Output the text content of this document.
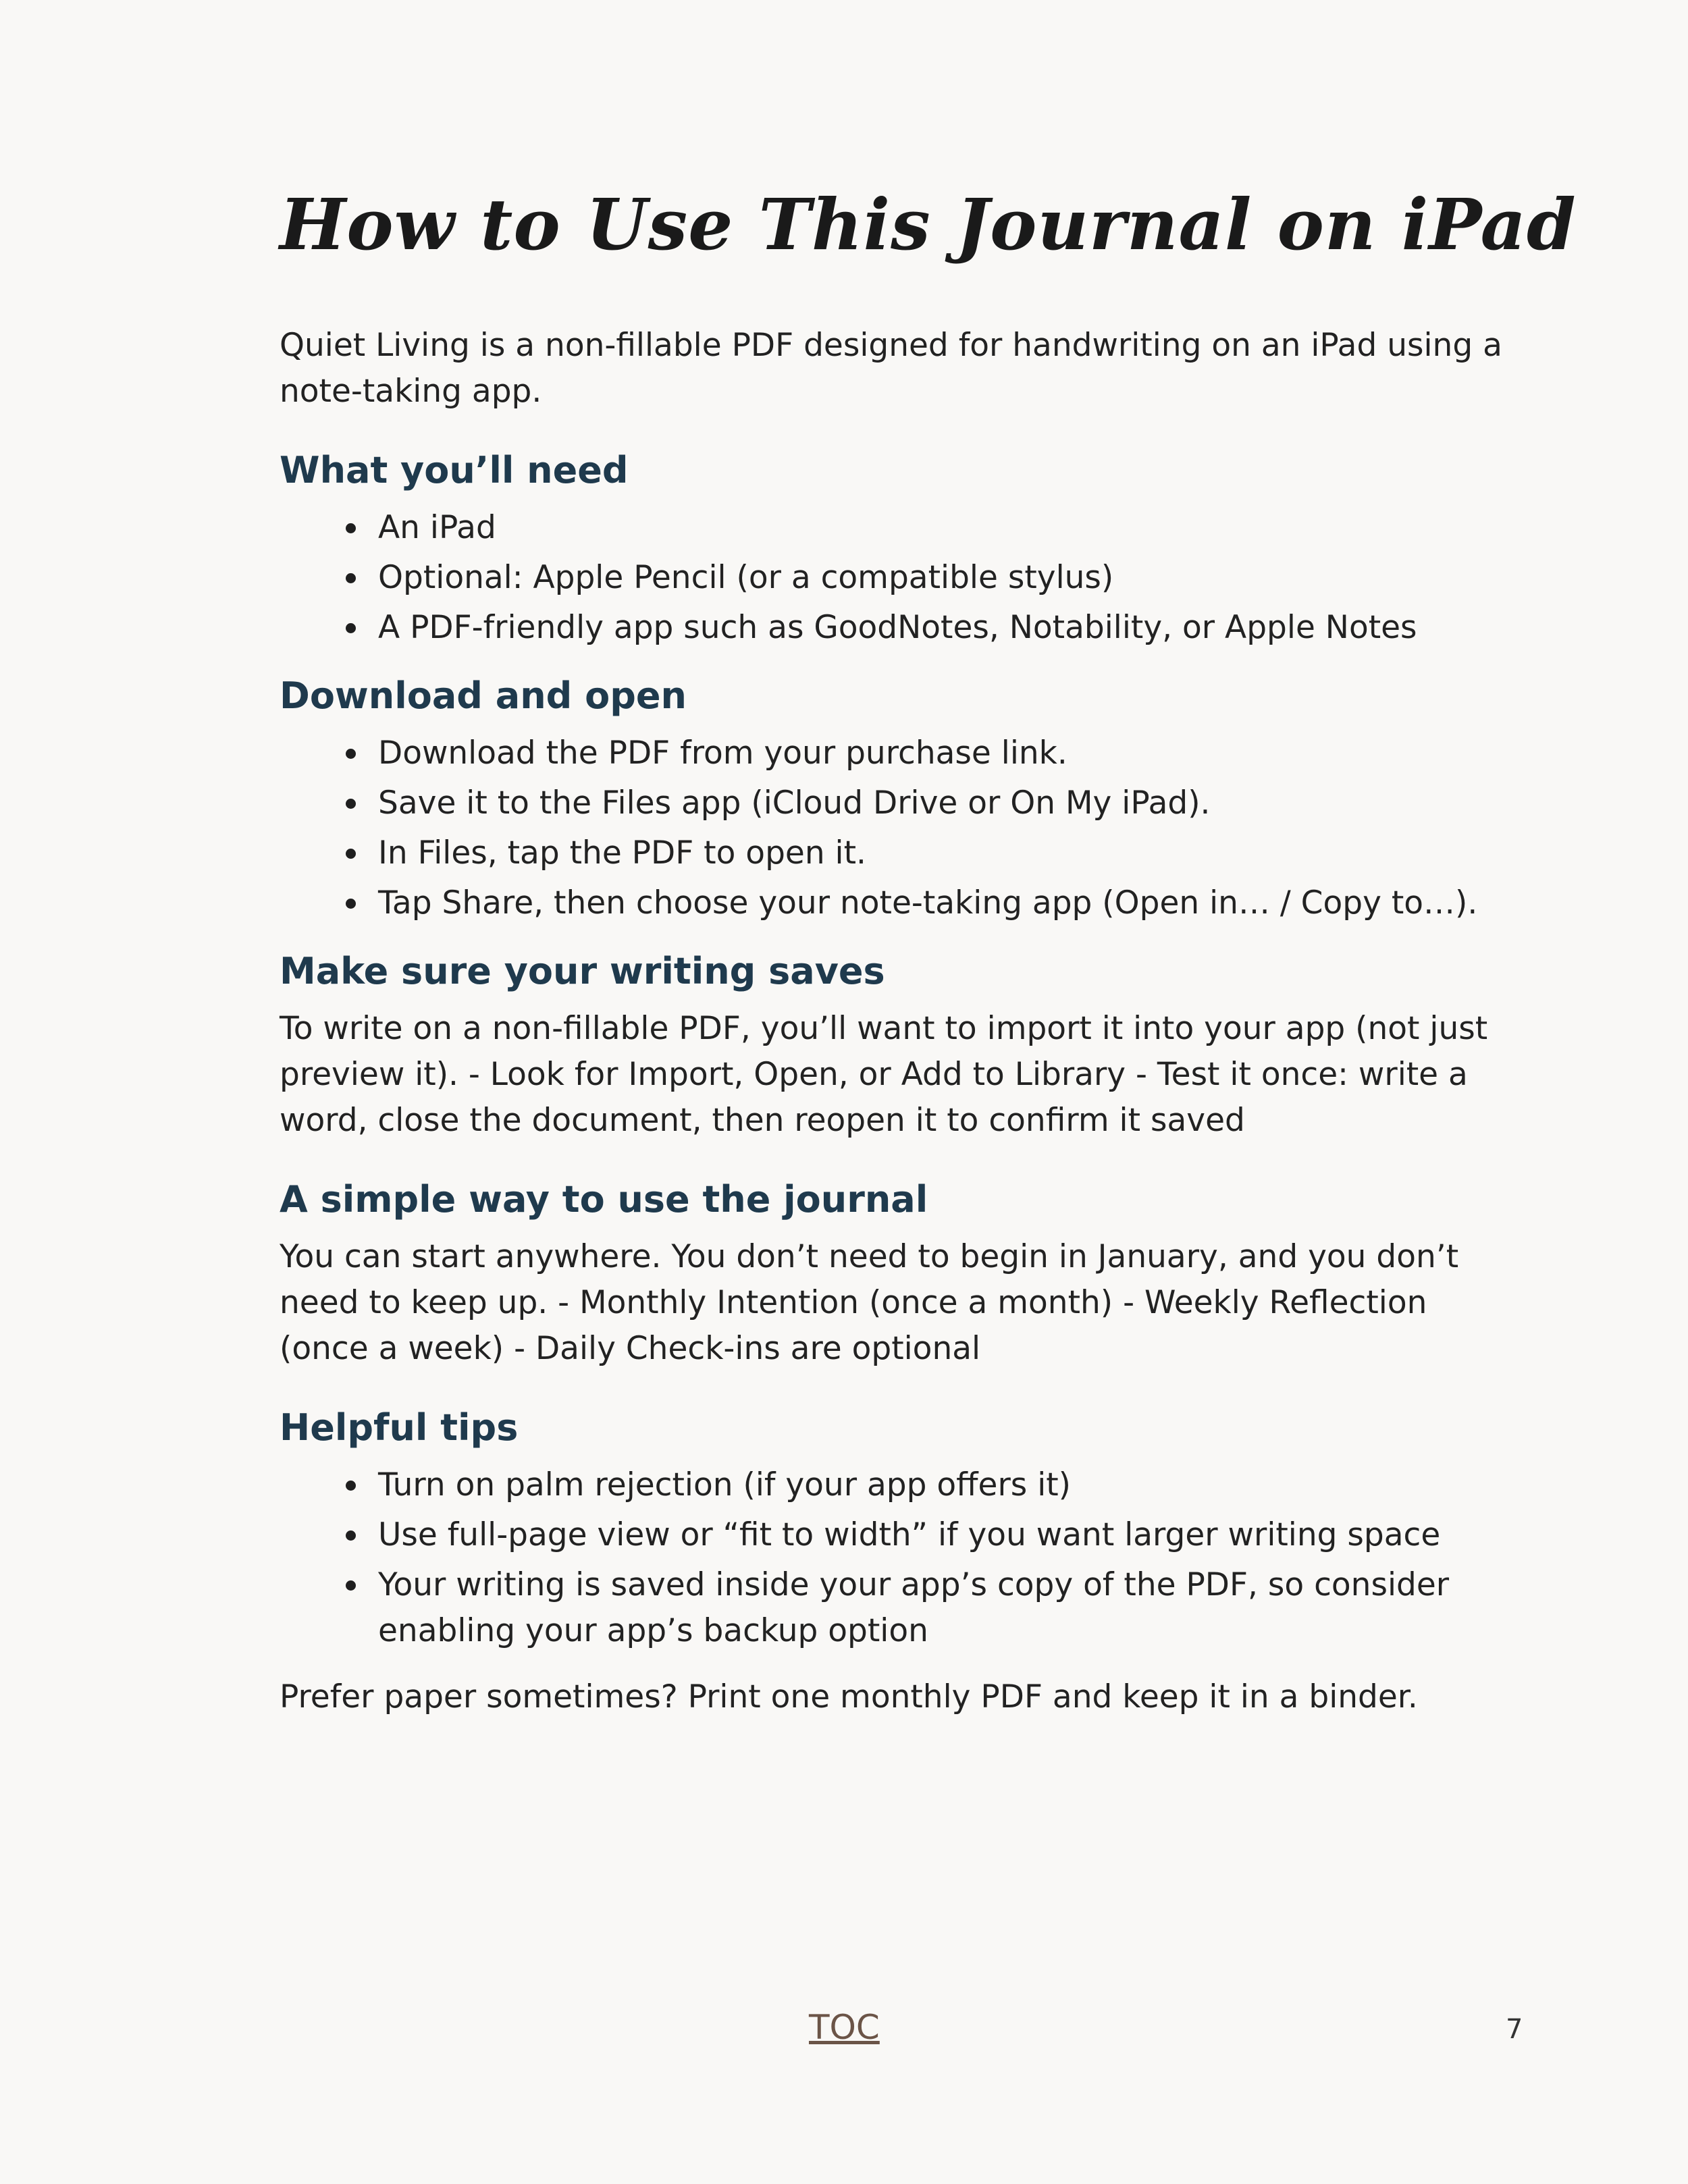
How to Use This Journal on iPad

Quiet Living is a non-fillable PDF designed for handwriting on an iPad using a note-taking app.

What you’ll need
An iPad
Optional: Apple Pencil (or a compatible stylus)
A PDF-friendly app such as GoodNotes, Notability, or Apple Notes
Download and open
Download the PDF from your purchase link.
Save it to the Files app (iCloud Drive or On My iPad).
In Files, tap the PDF to open it.
Tap Share, then choose your note-taking app (Open in… / Copy to…).
Make sure your writing saves

To write on a non-fillable PDF, you’ll want to import it into your app (not just preview it). - Look for Import, Open, or Add to Library - Test it once: write a word, close the document, then reopen it to confirm it saved

A simple way to use the journal

You can start anywhere. You don’t need to begin in January, and you don’t need to keep up. - Monthly Intention (once a month) - Weekly Reflection (once a week) - Daily Check-ins are optional

Helpful tips
Turn on palm rejection (if your app offers it)
Use full-page view or “fit to width” if you want larger writing space
Your writing is saved inside your app’s copy of the PDF, so consider enabling your app’s backup option

Prefer paper sometimes? Print one monthly PDF and keep it in a binder.

TOC	7
